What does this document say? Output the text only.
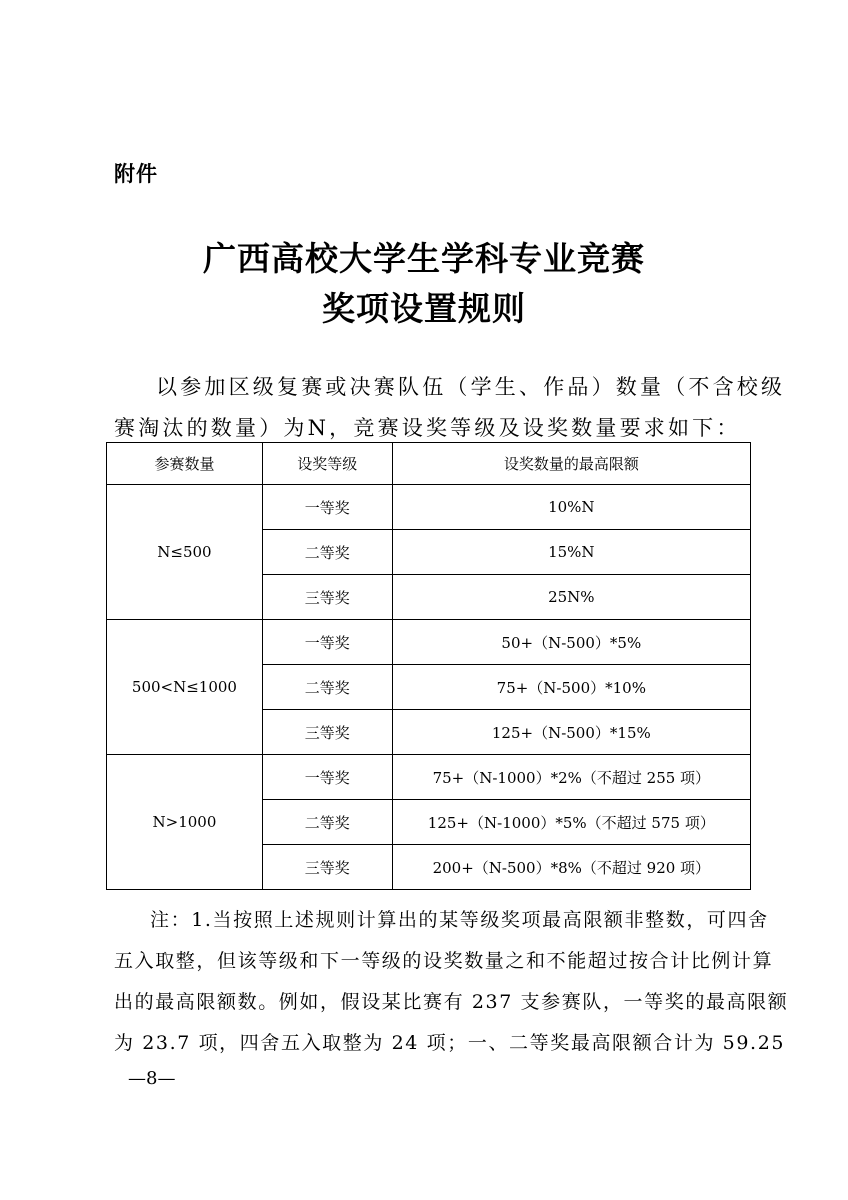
附件
广西高校大学生学科专业竞赛
奖项设置规则
以参加区级复赛或决赛队伍（学生、作品）数量（不含校级
赛淘汰的数量）为N，竞赛设奖等级及设奖数量要求如下：
参赛数量	设奖等级	设奖数量的最高限额
N≤500	一等奖	10%N
	二等奖	15%N
	三等奖	25N%
500<N≤1000	一等奖	50+（N-500）*5%
	二等奖	75+（N-500）*10%
	三等奖	125+（N-500）*15%
N>1000	一等奖	75+（N-1000）*2%（不超过 255 项）
	二等奖	125+（N-1000）*5%（不超过 575 项）
	三等奖	200+（N-500）*8%（不超过 920 项）
注：1.当按照上述规则计算出的某等级奖项最高限额非整数，可四舍
五入取整，但该等级和下一等级的设奖数量之和不能超过按合计比例计算
出的最高限额数。例如，假设某比赛有 237 支参赛队，一等奖的最高限额
为 23.7 项，四舍五入取整为 24 项；一、二等奖最高限额合计为 59.25
—8—
